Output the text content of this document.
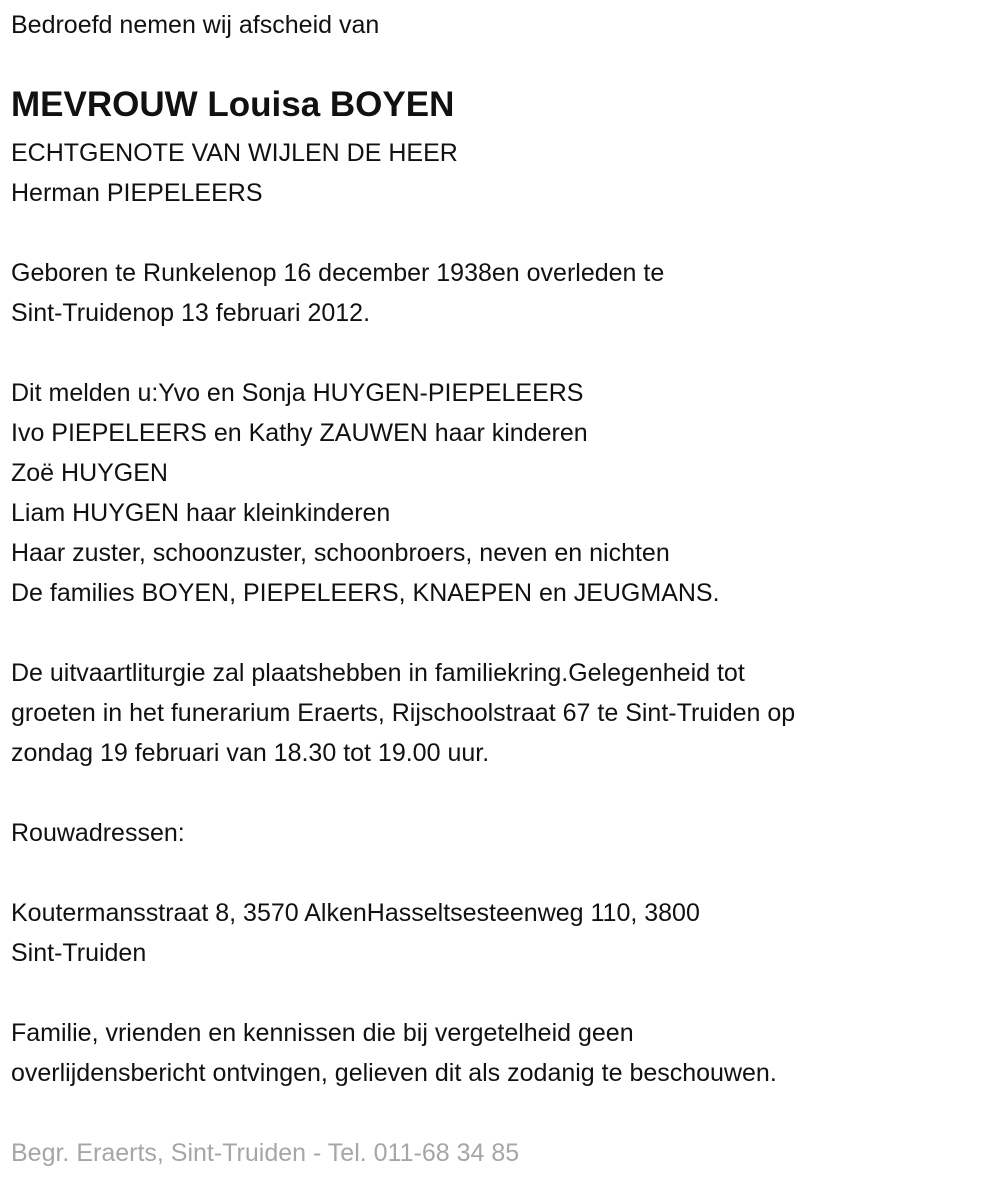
Bedroefd nemen wij afscheid van
MEVROUW Louisa BOYEN
ECHTGENOTE VAN WIJLEN DE HEER
Herman PIEPELEERS
Geboren te Runkelenop 16 december 1938en overleden te
Sint-Truidenop 13 februari 2012.
Dit melden u:Yvo en Sonja HUYGEN-PIEPELEERS
Ivo PIEPELEERS en Kathy ZAUWEN haar kinderen
Zoë HUYGEN
Liam HUYGEN haar kleinkinderen
Haar zuster, schoonzuster, schoonbroers, neven en nichten
De families BOYEN, PIEPELEERS, KNAEPEN en JEUGMANS.
De uitvaartliturgie zal plaatshebben in familiekring.Gelegenheid tot
groeten in het funerarium Eraerts, Rijschoolstraat 67 te Sint-Truiden op
zondag 19 februari van 18.30 tot 19.00 uur.
Rouwadressen:
Koutermansstraat 8, 3570 AlkenHasseltsesteenweg 110, 3800
Sint-Truiden
Familie, vrienden en kennissen die bij vergetelheid geen
overlijdensbericht ontvingen, gelieven dit als zodanig te beschouwen.
Begr. Eraerts, Sint-Truiden - Tel. 011-68 34 85
